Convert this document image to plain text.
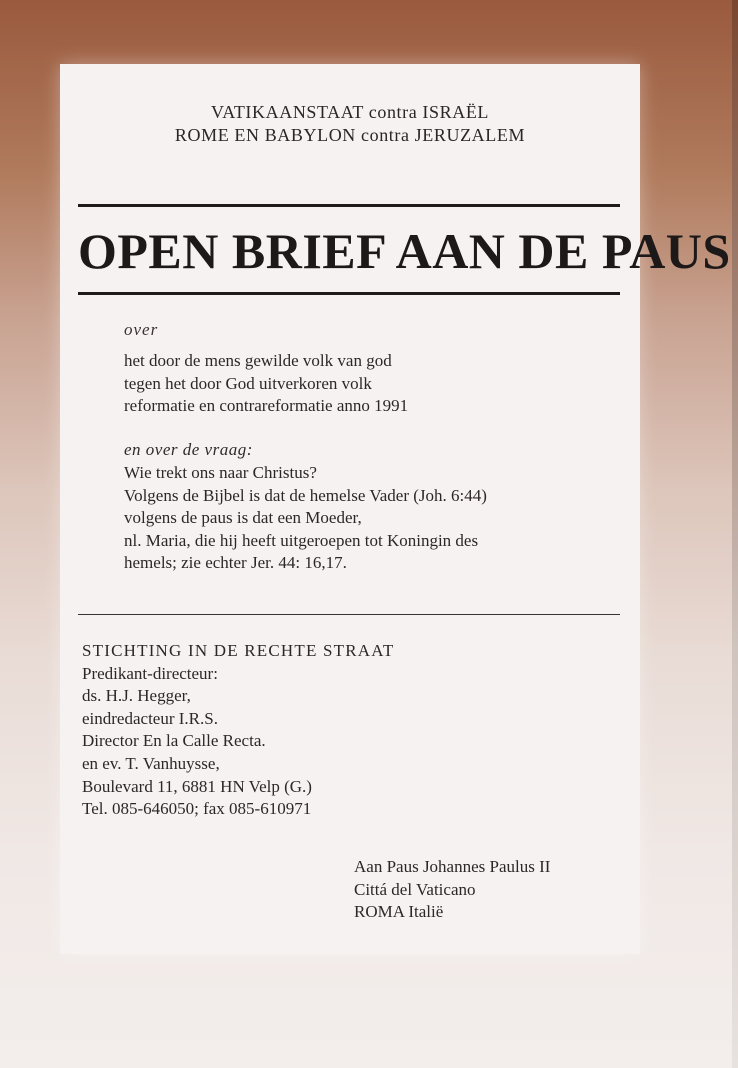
VATIKAANSTAAT contra ISRAËL
ROME EN BABYLON contra JERUZALEM
OPEN BRIEF AAN DE PAUS
over
het door de mens gewilde volk van god
tegen het door God uitverkoren volk
reformatie en contrareformatie anno 1991
en over de vraag:
Wie trekt ons naar Christus?
Volgens de Bijbel is dat de hemelse Vader (Joh. 6:44)
volgens de paus is dat een Moeder,
nl. Maria, die hij heeft uitgeroepen tot Koningin des
hemels; zie echter Jer. 44: 16,17.
STICHTING IN DE RECHTE STRAAT
Predikant-directeur:
ds. H.J. Hegger,
eindredacteur I.R.S.
Director En la Calle Recta.
en ev. T. Vanhuysse,
Boulevard 11, 6881 HN Velp (G.)
Tel. 085-646050; fax 085-610971
Aan Paus Johannes Paulus II
Cittá del Vaticano
ROMA Italië
